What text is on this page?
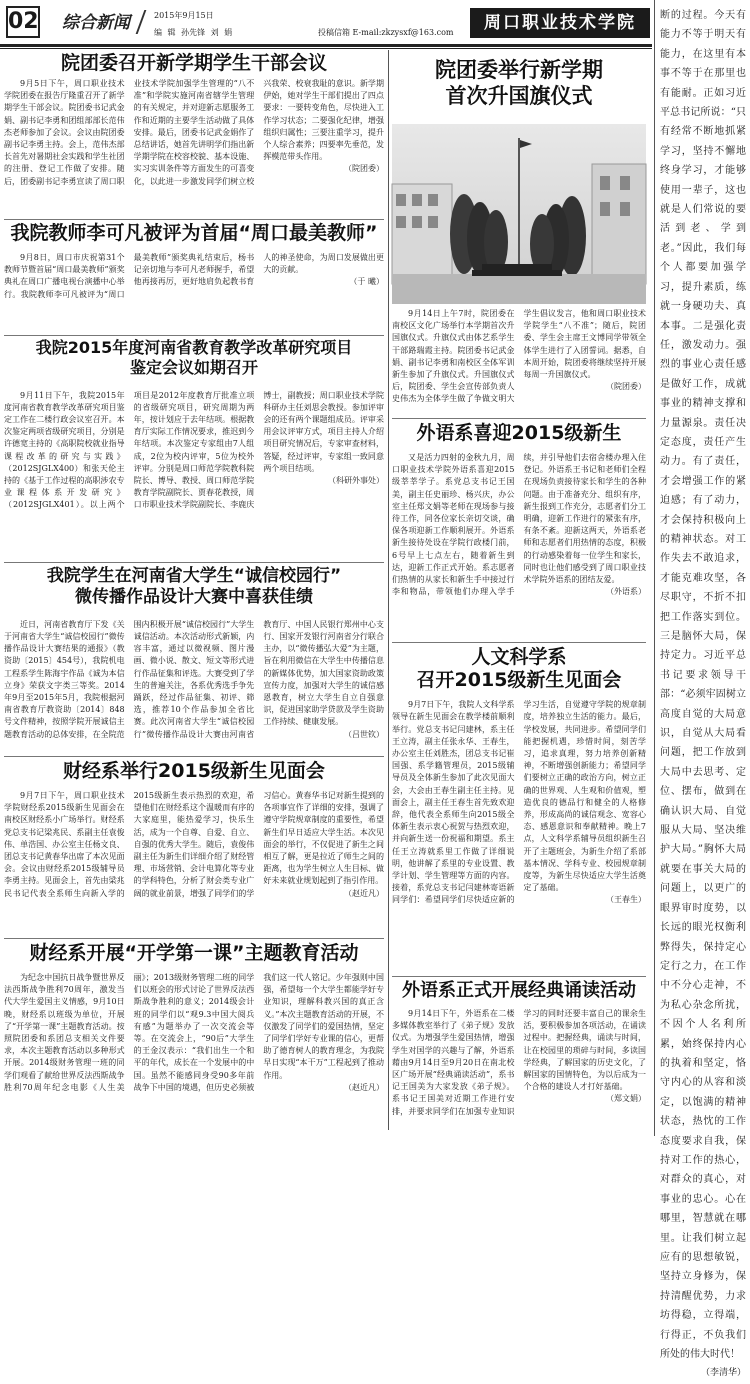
02 综合新闻	2015年9月15日
编 辑 孙先锋 刘 娟	投稿信箱 E-mail:zkzysxf@163.com	周口职业技术学院
院团委召开新学期学生干部会议

9月5日下午，周口职业技术学院团委在报告厅隆重召开了新学期学生干部会议。院团委书记武金娟、副书记李勇和团组部部长范伟杰老师参加了会议。会议由院团委副书记李勇主持。会上，范伟杰部长首先对暑期社会实践和学生社团的注册、登记工作做了安排。随后，团委副书记李勇宣读了周口职业技术学院加强学生管理的“八不准”和学院实施河南省辖学生管理的有关规定，并对迎新志愿服务工作和近期的主要学生活动做了具体安排。最后，团委书记武金娟作了总结讲话，她首先讲明学们指出新学期学院在校容校貌、基本设施、实习实训条件等方面发生的可喜变化，以此进一步激发同学们树立校兴我荣、校衰我耻的意识。新学期伊始，她对学生干部们提出了四点要求：一要转变角色，尽快进入工作学习状态；二要强化纪律，增强组织归属性；三要注重学习，提升个人综合素养；四要率先垂范，发挥模范带头作用。

（院团委）
我院教师李可凡被评为首届“周口最美教师”

9月8日，周口市庆祝第31个教师节暨首届“周口最美教师”颁奖典礼在周口广播电视台演播中心举行。我院教师李可凡被评为“周口最美教师”颁奖典礼结束后，杨书记亲切地与李可凡老师握手，希望他再接再厉，更好地肩负起教书育人的神圣使命，为周口发展做出更大的贡献。

（于 曦）
我院2015年度河南省教育教学改革研究项目
鉴定会议如期召开

9月11日下午，我院2015年度河南省教育教学改革研究项目鉴定工作在二楼行政会议室召开。本次鉴定两项省级研究项目，分别是许德宽主持的《高职院校就业指导课程改革的研究与实践》（2012SJGLX400）和张天伦主持的《基于工作过程的高职涉农专业课程体系开发研究》（2012SJGLX401）。以上两个项目是2012年度教育厅批准立项的省级研究项目，研究周期为两年，按计划应于去年结项。根据教育厅实际工作情况要求，推迟到今年结项。本次鉴定专家组由7人组成，2位为校内评审，5位为校外评审。分别是周口师范学院教科院院长、博导、教授、周口师范学院教育学院副院长、贾春花教授，周口市职业技术学院副院长、李鹿庆博士，副教授；周口职业技术学院科研办主任刘思会教授。参加评审会的还有两个课题组成员。评审采用会议评审方式，项目主持人介绍项目研究情况后，专家审查材料，答疑，经过评审，专家组一致同意两个项目结项。

（科研外事处）
我院学生在河南省大学生“诚信校园行”
微传播作品设计大赛中喜获佳绩

近日，河南省教育厅下发《关于河南省大学生“诚信校园行”微传播作品设计大赛结果的通报》（教资助〔2015〕454号），我院机电工程系学生陈海宇作品《诚为本信立身》荣获文字类三等奖。2014年9月至2015年5月，我院根据河南省教育厅教资助〔2014〕848号文件精神，按照学院开展诚信主题教育活动的总体安排，在全院范围内积极开展“诚信校园行”大学生诚信活动。本次活动形式新颖，内容丰富，通过以微视频、图片漫画、微小说、散文、短文等形式进行作品征集和评选。大赛受到了学生的普遍关注，各系优秀选手争先踊跃，经过作品征集、初评、筛选，推荐10个作品参加全省比赛。此次河南省大学生“诚信校园行”微传播作品设计大赛由河南省教育厅、中国人民银行郑州中心支行、国家开发银行河南省分行联合主办，以“微传播弘大爱”为主题，旨在利用微信在大学生中传播信息的新媒体优势，加大国家资助政策宣传力度，加强对大学生的诚信感恩教育，树立大学生自立自强意识，促进国家助学贷款及学生资助工作持续、健康发展。

（吕世钦）
财经系举行2015级新生见面会

9月7日下午，周口职业技术学院财经系2015级新生见面会在南校区财经系小广场举行。财经系党总支书记梁兆民、系副主任袁俊伟、单浩国、办公室主任杨文良、团总支书记黄春华出席了本次见面会。会议由财经系2015级辅导员李勇主持。见面会上，首先由梁兆民书记代表全系师生向新入学的2015级新生表示热烈的欢迎，希望他们在财经系这个温暖而有序的大家庭里，能热爱学习，快乐生活，成为一个自尊、自爱、自立、自强的优秀大学生。随后，袁俊伟副主任为新生们详细介绍了财经管理、市场营销、会计电算化等专业的学科特色，分析了财会类专业广阔的就业前景，增强了同学们的学习信心。黄春华书记对新生提到的各项事宜作了详细的安排，强调了遵守学院规章制度的重要性，希望新生们早日适应大学生活。本次见面会的举行，不仅促进了新生之间相互了解，更是拉近了师生之间的距离，也为学生树立人生目标、做好未来就业规划起到了指引作用。

（赵近凡）
财经系开展“开学第一课”主题教育活动

为纪念中国抗日战争暨世界反法西斯战争胜利70周年，激发当代大学生爱国主义情感，9月10日晚，财经系以班级为单位，开展了“开学第一课”主题教育活动。按照院团委和系团总支相关文件要求，本次主题教育活动以多种形式开展。2014级财务管理一班的同学们观看了献给世界反法西斯战争胜利70周年纪念电影《人生美丽》；2013级财务管理二班的同学们以班会的形式讨论了世界反法西斯战争胜利的意义；2014级会计班的同学们以“观9.3中国大阅兵有感”为题举办了一次交流会等等。在交流会上，“90后”大学生的王金汉表示：“我们出生一个和平的年代，成长在一个发展中的中国。虽然不能感同身受90多年前战争下中国的境遇，但历史必须被我们这一代人铭记。少年强则中国强，希望每一个大学生都能学好专业知识，理解科教兴国的真正含义。”本次主题教育活动的开展，不仅激发了同学们的爱国热情，坚定了同学们学好专业课的信心，更帮助了德育树人的教育理念，为我院早日实现“本干万”工程起到了推动作用。

（赵近凡）
院团委举行新学期
首次升国旗仪式

9月14日上午7时，院团委在南校区文化广场举行本学期首次升国旗仪式。升旗仪式由体艺系学生干部路瑞霞主持。院团委书记武金娟、副书记李勇和南校区全体军训新生参加了升旗仪式。升国旗仪式后，院团委、学生会宣传部负责人史伟杰为全体学生做了争做文明大学生倡议发言，他和周口职业技术学院学生“八不准”；随后，院团委、学生会主席王文博同学带领全体学生进行了入团誓词。据悉，自本周开始，院团委将继续坚持开展每周一升国旗仪式。

（院团委）
外语系喜迎2015级新生

又是活力四射的金秋九月，周口职业技术学院外语系喜迎2015级莘莘学子。系党总支书记王国美，副主任史丽珍、杨兴庆，办公室主任郑文娟等老师在现场参与接待工作，同各位家长亲切交谈，确保各项迎新工作顺利展开。外语系新生接待处设在学院行政楼门前，6号早上七点左右，随着新生到达，迎新工作正式开始。系志愿者们热情的从家长和新生手中接过行李和物品，带领他们办理入学手续，并引导他们去宿舍楼办理入住登记。外语系王书记和老师们全程在现场负责接待家长和学生的各种问题。由于准备充分、组织有序，新生报到工作充分，志愿者们分工明确，迎新工作进行的紧张有序，有条不紊。迎新这两天，外语系老师和志愿者们用热情的态度，积极的行动感染着每一位学生和家长，同时也让他们感受到了周口职业技术学院外语系的团结友爱。

（外语系）
人文科学系
召开2015级新生见面会

9月7日下午，我院人文科学系领导在新生见面会在教学楼前顺利举行。党总支书记闫建林，系主任王立涛，副主任张永华、王春生，办公室主任刘胜杰，团总支书记崔国强、系学籍管理员，2015级辅导员及全体新生参加了此次见面大会，大会由王春生副主任主持。见面会上，副主任王春生首先致欢迎辞，他代表全系师生向2015级全体新生表示衷心祝贺与热烈欢迎，并向新生送一份祝福和期望。系主任王立涛就系里工作做了详细说明，他讲解了系里的专业设置、教学计划、学生管理等方面的内容。接着，系党总支书记闫建林寄语新同学们：希望同学们尽快适应新的学习生活，自觉遵守学院的规章制度，培养独立生活的能力。最后，学校发展，共同进步。希望同学们能把握机遇，珍惜时间，刻苦学习，追求真理，努力培养创新精神，不断增强创新能力；希望同学们要树立正确的政治方向，树立正确的世界观、人生观和价值观，塑造优良的德品行和健全的人格修养，形成高尚的诚信观念、宽容心态、感恩意识和奉献精神。晚上7点，人文科学系辅导员组织新生召开了主题班会，为新生介绍了系部基本情况、学科专业、校园规章制度等，为新生尽快适应大学生活奠定了基础。

（王春生）
外语系正式开展经典诵读活动

9月14日下午，外语系在二楼多媒体教室举行了《弟子规》发放仪式。为增强学生爱国热情，增强学生对国学的兴趣与了解，外语系藉由9月14日至9月20日在南北校区广场开展“经典诵读活动”，系书记王国美为大家发放《弟子规》。系书记王国美对近期工作进行安排，并要求同学们在加强专业知识学习的同时还要丰富自己的课余生活，要积极参加各项活动，在诵读过程中。把握经典，诵读与时间，让在校园里的琐碎与时间，多读国学经典，了解国家的历史文化，了解国家的国情特色，为以后成为一个合格的建设人才打好基础。

（郑文娟）
断的过程。今天有能力不等于明天有能力，在这里有本事不等于在那里也有能耐。正如习近平总书记所说：“只有经常不断地抓紧学习，坚持不懈地终身学习，才能够使用一辈子，这也就是人们常说的要活到老、学到老。”因此，我们每个人都要加强学习，提升素质，练就一身硬功夫、真本事。二是强化责任，激发动力。强烈的事业心责任感是做好工作，成就事业的精神支撑和力量源泉。责任决定态度，责任产生动力。有了责任，才会增强工作的紧迫感；有了动力，才会保持积极向上的精神状态。对工作失去不敢追求，才能克难攻坚，各尽职守，不折不扣把工作落实到位。三是脑怀大局，保持定力。习近平总书记要求领导干部：“必须牢固树立高度自觉的大局意识，自觉从大局看问题，把工作放到大局中去思考、定位、摆布，做到在确认识大局、自觉服从大局、坚决维护大局。”胸怀大局就要在事关大局的问题上，以更广的眼界审时度势，以长远的眼光权衡利弊得失，保持定心定行之力，在工作中不分心走神，不为私心杂念所扰，不因个人名利所累，始终保持内心的执着和坚定，恪守内心的从容和淡定，以饱满的精神状态，热忱的工作态度要求自我，保持对工作的热心，对群众的真心，对事业的忠心。心在哪里，智慧就在哪里。让我们树立起应有的思想敏锐，坚持立身修为，保持清醒优势，力求坊得稳，立得端，行得正，不负我们所处的伟大时代！
（李清华）
